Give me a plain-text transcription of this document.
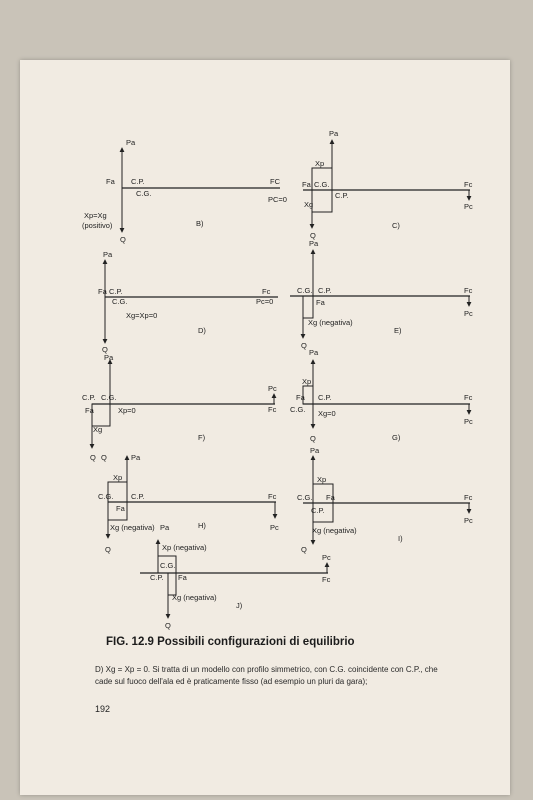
Pa
Fa C.P.
C.G.
FC
PC=0
Xp=Xg
(positivo)
Q
B)
Pa
Xp
Fa C.G.
C.P.
Xg
Q
Fc
Pc
C)
Pa
Fa C.P.
C.G.
Fc
Pc=0
Xg=Xp=0
Q
D)
Pa
C.G. C.P.
Fa
Xg (negativa)
Q
Fc
Pc
E)
Pa
C.P. C.G.
Fa	Xp=0
Xg
Q
Pc
Fc
F)
Pa
Xp
Fa C.P.
C.G. Xg=0
Q
Fc
Pc
G)
Q	Pa
Xp
C.G. C.P.
Fa
Xg (negativa) Pa
Fc
Pc
Q
H)
Pa
Xp
C.G. Fa
C.P.
Xg (negativa)
Q
Fc
Pc
I)
Xp (negativa)
C.G.
C.P. Fa
Xg (negativa)
Pc
Fc
Q
J)
FIG. 12.9 Possibili configurazioni di equilibrio
D) Xg = Xp = 0. Si tratta di un modello con profilo simmetrico, con C.G. coincidente con C.P., che cade sul fuoco dell'ala ed è praticamente fisso (ad esempio un pluri da gara);
192
